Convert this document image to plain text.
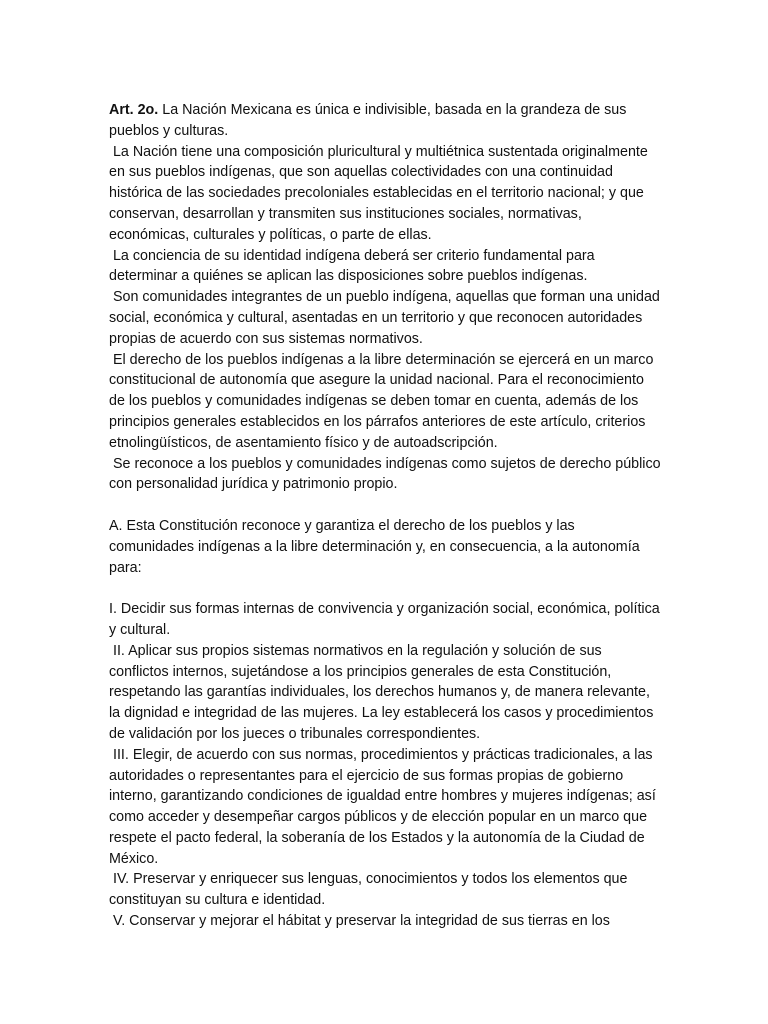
Art. 2o. La Nación Mexicana es única e indivisible, basada en la grandeza de sus pueblos y culturas.

La Nación tiene una composición pluricultural y multiétnica sustentada originalmente en sus pueblos indígenas, que son aquellas colectividades con una continuidad histórica de las sociedades precoloniales establecidas en el territorio nacional; y que conservan, desarrollan y transmiten sus instituciones sociales, normativas, económicas, culturales y políticas, o parte de ellas.

La conciencia de su identidad indígena deberá ser criterio fundamental para determinar a quiénes se aplican las disposiciones sobre pueblos indígenas.

Son comunidades integrantes de un pueblo indígena, aquellas que forman una unidad social, económica y cultural, asentadas en un territorio y que reconocen autoridades propias de acuerdo con sus sistemas normativos.

El derecho de los pueblos indígenas a la libre determinación se ejercerá en un marco constitucional de autonomía que asegure la unidad nacional. Para el reconocimiento de los pueblos y comunidades indígenas se deben tomar en cuenta, además de los principios generales establecidos en los párrafos anteriores de este artículo, criterios etnolingüísticos, de asentamiento físico y de autoadscripción.

Se reconoce a los pueblos y comunidades indígenas como sujetos de derecho público con personalidad jurídica y patrimonio propio.

A. Esta Constitución reconoce y garantiza el derecho de los pueblos y las comunidades indígenas a la libre determinación y, en consecuencia, a la autonomía para:

I. Decidir sus formas internas de convivencia y organización social, económica, política y cultural.

II. Aplicar sus propios sistemas normativos en la regulación y solución de sus conflictos internos, sujetándose a los principios generales de esta Constitución, respetando las garantías individuales, los derechos humanos y, de manera relevante, la dignidad e integridad de las mujeres. La ley establecerá los casos y procedimientos de validación por los jueces o tribunales correspondientes.

III. Elegir, de acuerdo con sus normas, procedimientos y prácticas tradicionales, a las autoridades o representantes para el ejercicio de sus formas propias de gobierno interno, garantizando condiciones de igualdad entre hombres y mujeres indígenas; así como acceder y desempeñar cargos públicos y de elección popular en un marco que respete el pacto federal, la soberanía de los Estados y la autonomía de la Ciudad de México.

IV. Preservar y enriquecer sus lenguas, conocimientos y todos los elementos que constituyan su cultura e identidad.

V. Conservar y mejorar el hábitat y preservar la integridad de sus tierras en los
